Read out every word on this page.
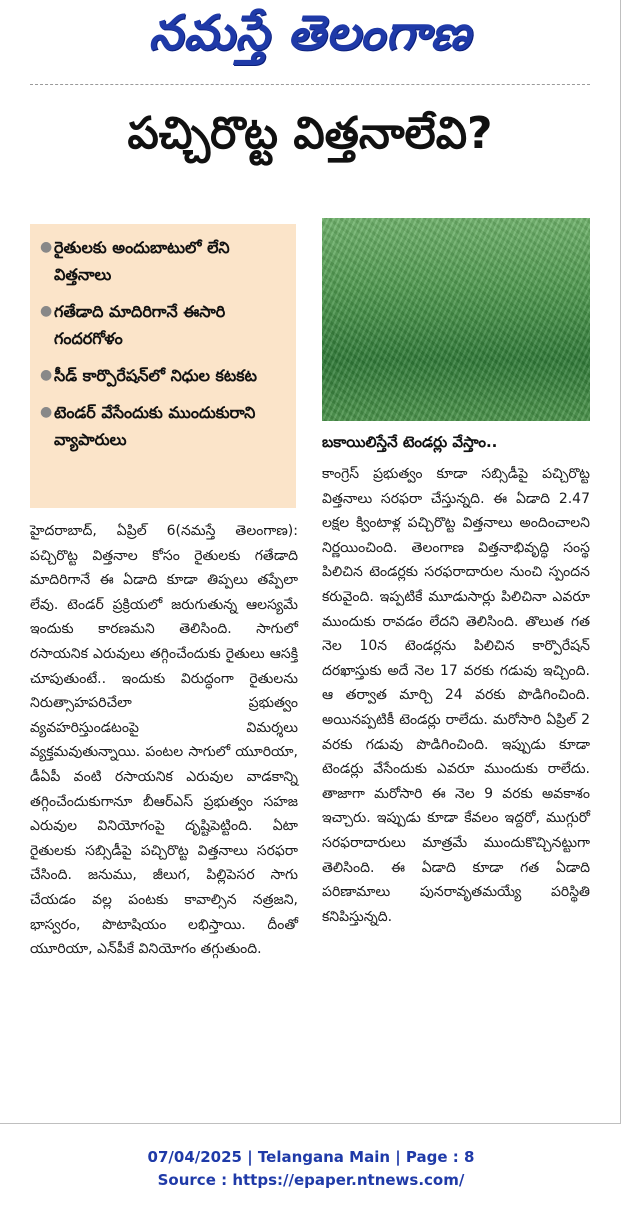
నమస్తే తెలంగాణ
పచ్చిరొట్ట విత్తనాలేవి?
● రైతులకు అందుబాటులో లేని విత్తనాలు
● గతేడాది మాదిరిగానే ఈసారి గందరగోళం
● సీడ్ కార్పొరేషన్‌లో నిధుల కటకట
● టెండర్ వేసేందుకు ముందుకురాని వ్యాపారులు	బకాయిలిస్తేనే టెండర్లు వేస్తాం..
హైదరాబాద్, ఏప్రిల్ 6(నమస్తే తెలంగాణ): పచ్చిరొట్ట విత్తనాల కోసం రైతులకు గతేడాది మాదిరిగానే ఈ ఏడాది కూడా తిప్పలు తప్పేలా లేవు. టెండర్ ప్రక్రియలో జరుగుతున్న ఆలస్యమే ఇందుకు కారణమని తెలిసింది. సాగులో రసాయనిక ఎరువులు తగ్గించేందుకు రైతులు ఆసక్తి చూపుతుంటే.. ఇందుకు విరుద్ధంగా రైతులను నిరుత్సాహపరిచేలా ప్రభుత్వం వ్యవహరిస్తుండటంపై విమర్శలు వ్యక్తమవుతున్నాయి. పంటల సాగులో యూరియా, డీఏపీ వంటి రసాయనిక ఎరువుల వాడకాన్ని తగ్గించేందుకుగానూ బీఆర్‌ఎస్ ప్రభుత్వం సహజ ఎరువుల వినియోగంపై దృష్టిపెట్టింది. ఏటా రైతులకు సబ్సిడీపై పచ్చిరొట్ట విత్తనాలు సరఫరా చేసింది. జనుము, జీలుగ, పిల్లిపెసర సాగు చేయడం వల్ల పంటకు కావాల్సిన నత్రజని, భాస్వరం, పొటాషియం లభిస్తాయి. దీంతో యూరియా, ఎన్‌పీకే వినియోగం తగ్గుతుంది.
కాంగ్రెస్ ప్రభుత్వం కూడా సబ్సిడీపై పచ్చిరొట్ట విత్తనాలు సరఫరా చేస్తున్నది. ఈ ఏడాది 2.47 లక్షల క్వింటాళ్ల పచ్చిరొట్ట విత్తనాలు అందించాలని నిర్ణయించింది. తెలంగాణ విత్తనాభివృద్ధి సంస్థ పిలిచిన టెండర్లకు సరఫరాదారుల నుంచి స్పందన కరువైంది. ఇప్పటికే మూడుసార్లు పిలిచినా ఎవరూ ముందుకు రావడం లేదని తెలిసింది. తొలుత గత నెల 10న టెండర్లను పిలిచిన కార్పొరేషన్ దరఖాస్తుకు అదే నెల 17 వరకు గడువు ఇచ్చింది. ఆ తర్వాత మార్చి 24 వరకు పొడిగించింది. అయినప్పటికీ టెండర్లు రాలేదు. మరోసారి ఏప్రిల్ 2 వరకు గడువు పొడిగించింది. ఇప్పుడు కూడా టెండర్లు వేసేందుకు ఎవరూ ముందుకు రాలేదు. తాజాగా మరోసారి ఈ నెల 9 వరకు అవకాశం ఇచ్చారు. ఇప్పుడు కూడా కేవలం ఇద్దరో, ముగ్గురో సరఫరాదారులు మాత్రమే ముందుకొచ్చినట్టుగా తెలిసింది. ఈ ఏడాది కూడా గత ఏడాది పరిణామాలు పునరావృతమయ్యే పరిస్థితి కనిపిస్తున్నది.
07/04/2025 | Telangana Main | Page : 8
Source : https://epaper.ntnews.com/
